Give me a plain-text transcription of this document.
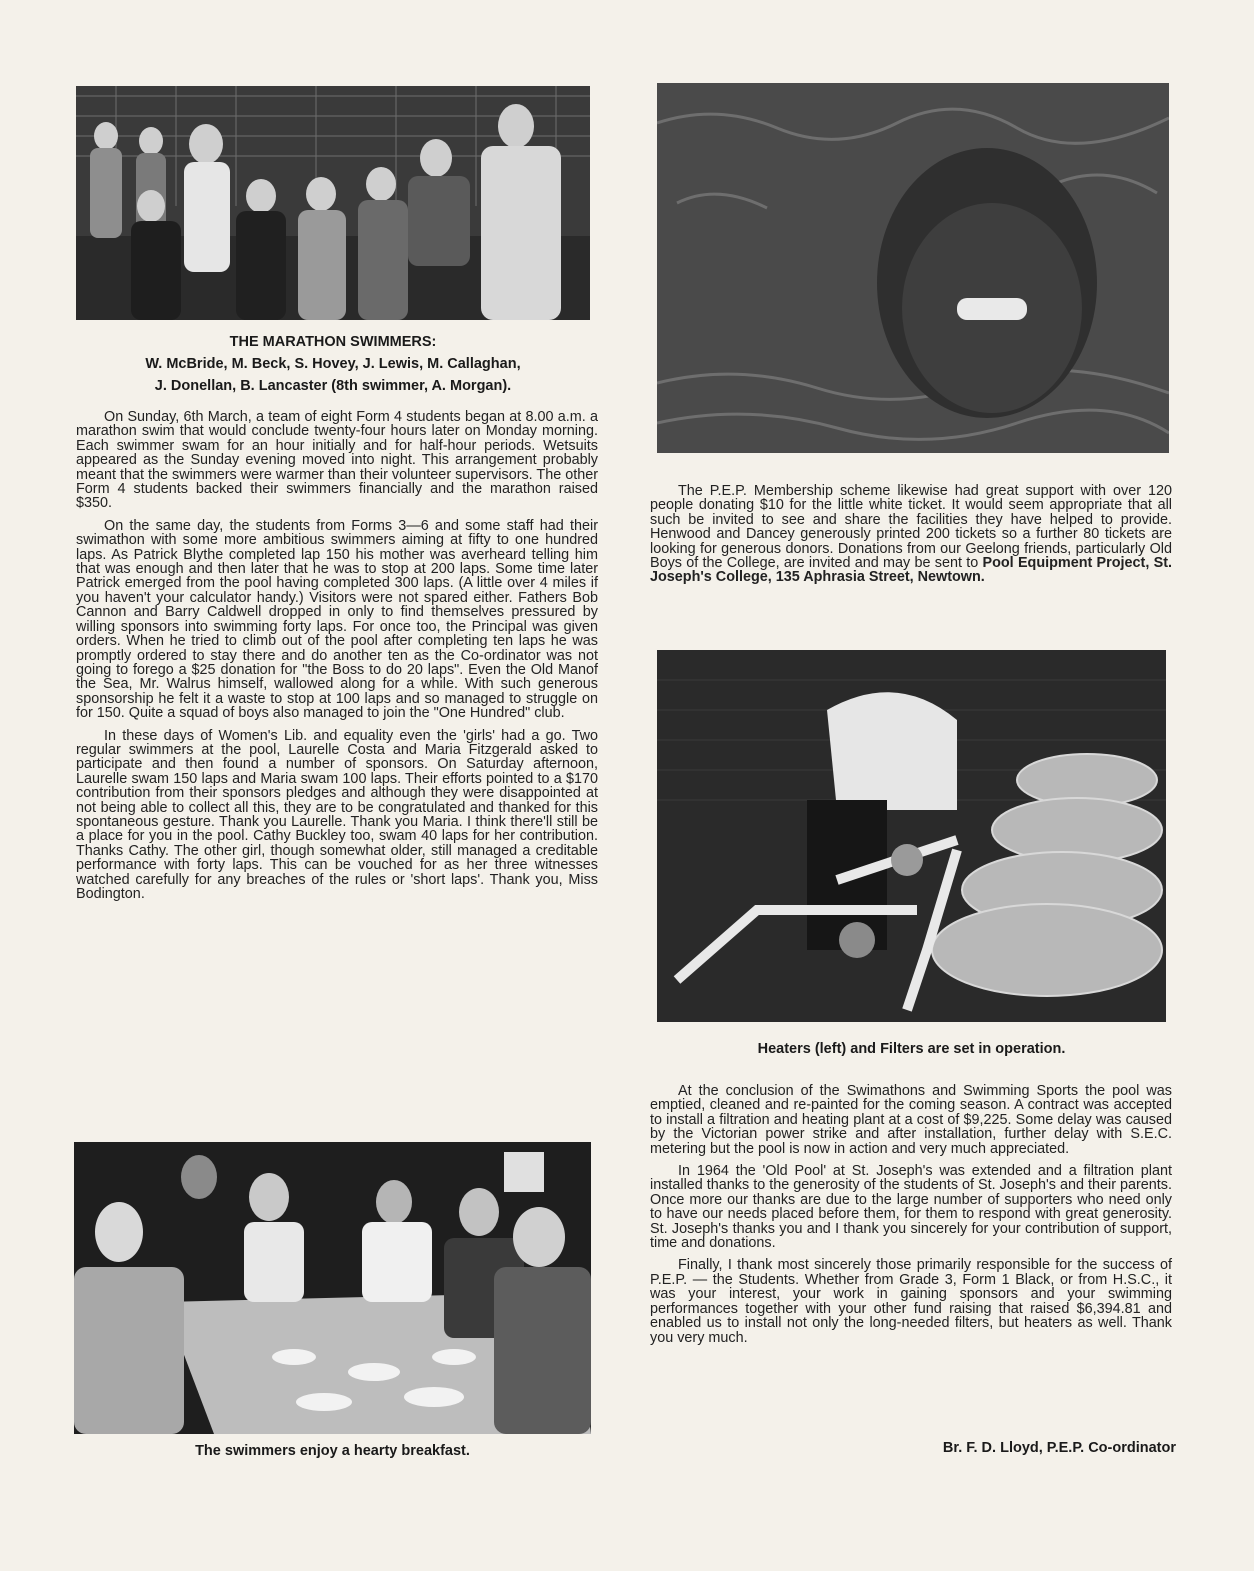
THE MARATHON SWIMMERS:
W. McBride, M. Beck, S. Hovey, J. Lewis, M. Callaghan,
J. Donellan, B. Lancaster (8th swimmer, A. Morgan).

On Sunday, 6th March, a team of eight Form 4 students began at 8.00 a.m. a marathon swim that would conclude twenty-four hours later on Monday morning. Each swimmer swam for an hour initially and for half-hour periods. Wetsuits appeared as the Sunday evening moved into night. This arrangement probably meant that the swimmers were warmer than their volunteer supervisors. The other Form 4 students backed their swimmers financially and the marathon raised $350.

On the same day, the students from Forms 3—6 and some staff had their swimathon with some more ambitious swimmers aiming at fifty to one hundred laps. As Patrick Blythe completed lap 150 his mother was averheard telling him that was enough and then later that he was to stop at 200 laps. Some time later Patrick emerged from the pool having completed 300 laps. (A little over 4 miles if you haven't your calculator handy.) Visitors were not spared either. Fathers Bob Cannon and Barry Caldwell dropped in only to find themselves pressured by willing sponsors into swimming forty laps. For once too, the Principal was given orders. When he tried to climb out of the pool after completing ten laps he was promptly ordered to stay there and do another ten as the Co-ordinator was not going to forego a $25 donation for "the Boss to do 20 laps". Even the Old Manof the Sea, Mr. Walrus himself, wallowed along for a while. With such generous sponsorship he felt it a waste to stop at 100 laps and so managed to struggle on for 150. Quite a squad of boys also managed to join the "One Hundred" club.

In these days of Women's Lib. and equality even the 'girls' had a go. Two regular swimmers at the pool, Laurelle Costa and Maria Fitzgerald asked to participate and then found a number of sponsors. On Saturday afternoon, Laurelle swam 150 laps and Maria swam 100 laps. Their efforts pointed to a $170 contribution from their sponsors pledges and although they were disappointed at not being able to collect all this, they are to be congratulated and thanked for this spontaneous gesture. Thank you Laurelle. Thank you Maria. I think there'll still be a place for you in the pool. Cathy Buckley too, swam 40 laps for her contribution. Thanks Cathy. The other girl, though somewhat older, still managed a creditable performance with forty laps. This can be vouched for as her three witnesses watched carefully for any breaches of the rules or 'short laps'. Thank you, Miss Bodington.

The swimmers enjoy a hearty breakfast.

The P.E.P. Membership scheme likewise had great support with over 120 people donating $10 for the little white ticket. It would seem appropriate that all such be invited to see and share the facilities they have helped to provide. Henwood and Dancey generously printed 200 tickets so a further 80 tickets are looking for generous donors. Donations from our Geelong friends, particularly Old Boys of the College, are invited and may be sent to Pool Equipment Project, St. Joseph's College, 135 Aphrasia Street, Newtown.

Heaters (left) and Filters are set in operation.

At the conclusion of the Swimathons and Swimming Sports the pool was emptied, cleaned and re-painted for the coming season. A contract was accepted to install a filtration and heating plant at a cost of $9,225. Some delay was caused by the Victorian power strike and after installation, further delay with S.E.C. metering but the pool is now in action and very much appreciated.

In 1964 the 'Old Pool' at St. Joseph's was extended and a filtration plant installed thanks to the generosity of the students of St. Joseph's and their parents. Once more our thanks are due to the large number of supporters who need only to have our needs placed before them, for them to respond with great generosity. St. Joseph's thanks you and I thank you sincerely for your contribution of support, time and donations.

Finally, I thank most sincerely those primarily responsible for the success of P.E.P. — the Students. Whether from Grade 3, Form 1 Black, or from H.S.C., it was your interest, your work in gaining sponsors and your swimming performances together with your other fund raising that raised $6,394.81 and enabled us to install not only the long-needed filters, but heaters as well. Thank you very much.

Br. F. D. Lloyd, P.E.P. Co-ordinator
